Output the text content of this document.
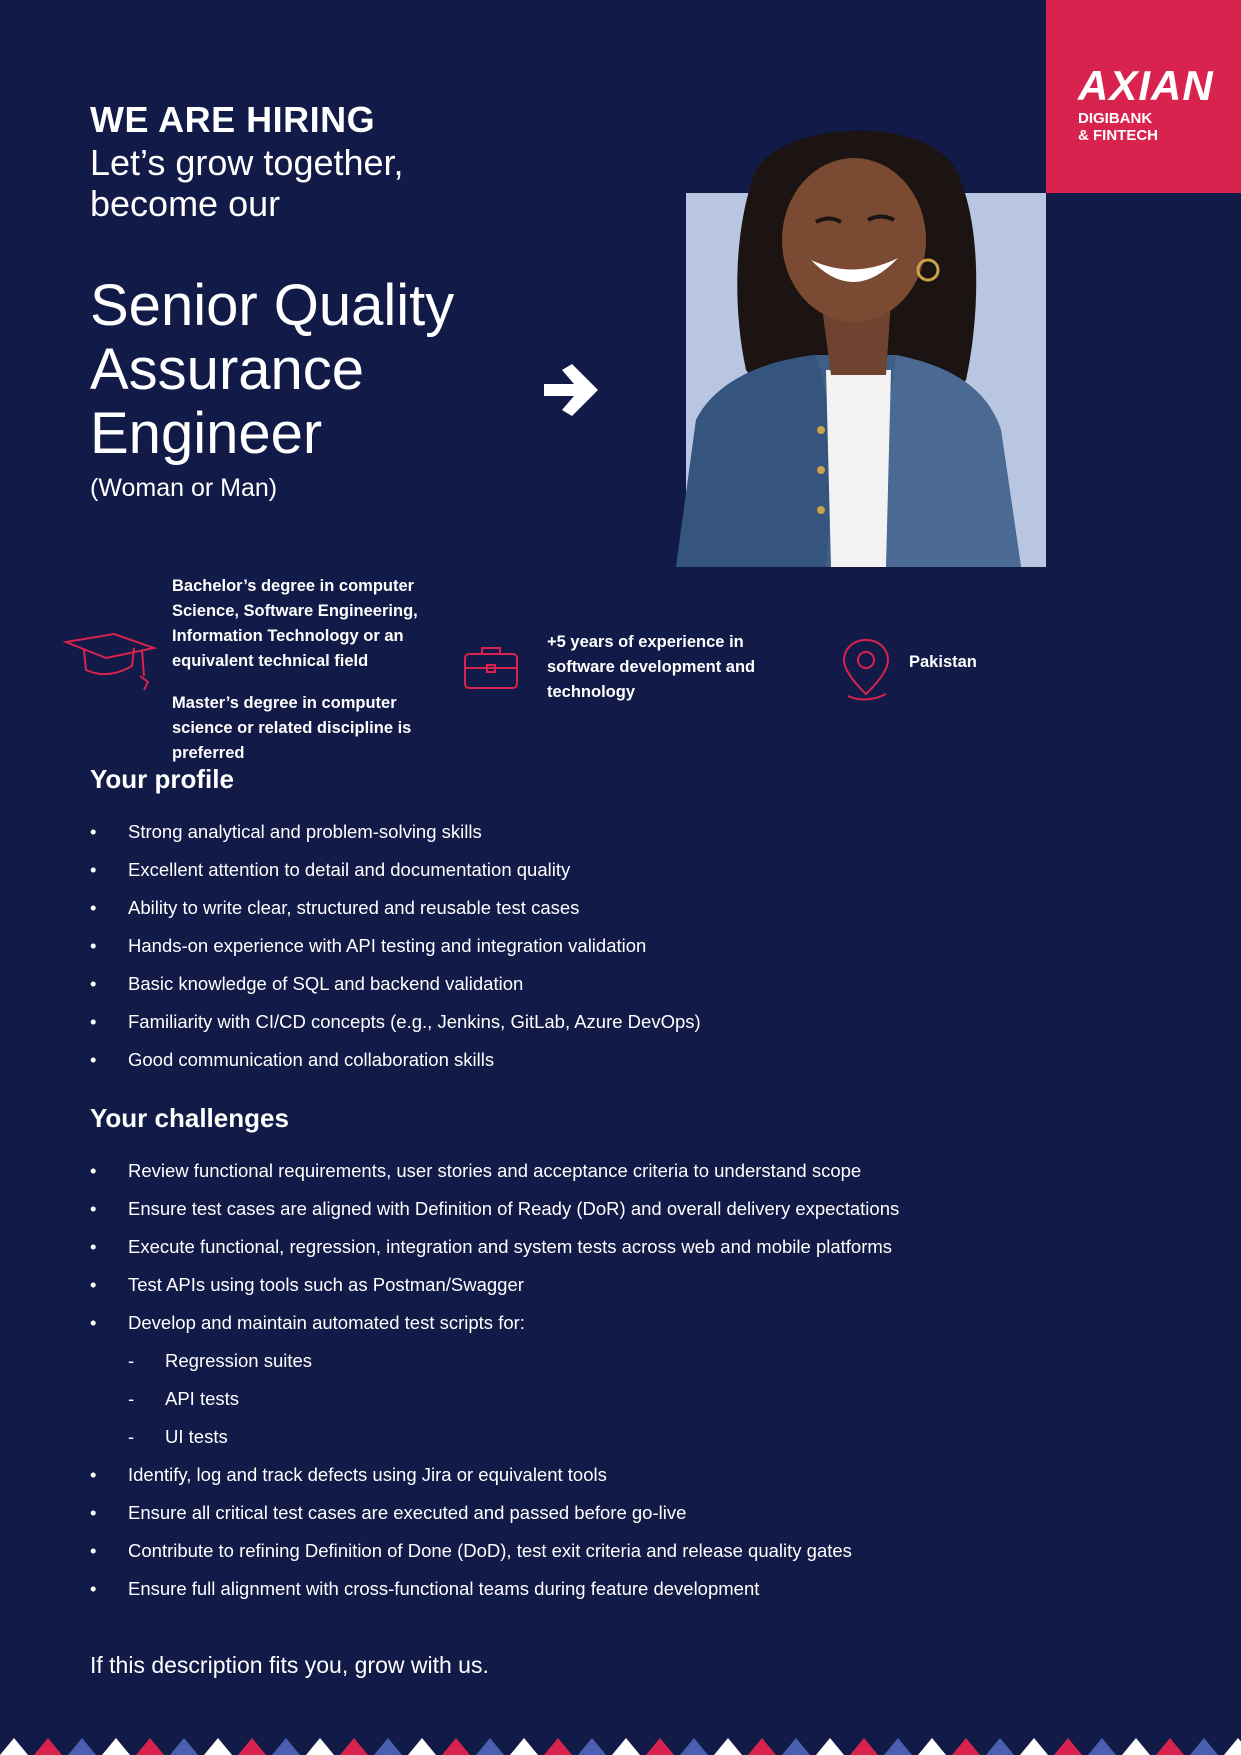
WE ARE HIRING
Let’s grow together, become our
Senior Quality Assurance Engineer
(Woman or Man)
AXIAN
DIGIBANK
& FINTECH
Bachelor’s degree in computer Science, Software Engineering, Information Technology or an equivalent technical field
Master’s degree in computer science or related discipline is preferred
+5 years of experience in software development and technology
Pakistan
Your profile
• Strong analytical and problem-solving skills
• Excellent attention to detail and documentation quality
• Ability to write clear, structured and reusable test cases
• Hands-on experience with API testing and integration validation
• Basic knowledge of SQL and backend validation
• Familiarity with CI/CD concepts (e.g., Jenkins, GitLab, Azure DevOps)
• Good communication and collaboration skills
Your challenges
• Review functional requirements, user stories and acceptance criteria to understand scope
• Ensure test cases are aligned with Definition of Ready (DoR) and overall delivery expectations
• Execute functional, regression, integration and system tests across web and mobile platforms
• Test APIs using tools such as Postman/Swagger
• Develop and maintain automated test scripts for:
- Regression suites
- API tests
- UI tests
• Identify, log and track defects using Jira or equivalent tools
• Ensure all critical test cases are executed and passed before go-live
• Contribute to refining Definition of Done (DoD), test exit criteria and release quality gates
• Ensure full alignment with cross-functional teams during feature development
If this description fits you, grow with us.
